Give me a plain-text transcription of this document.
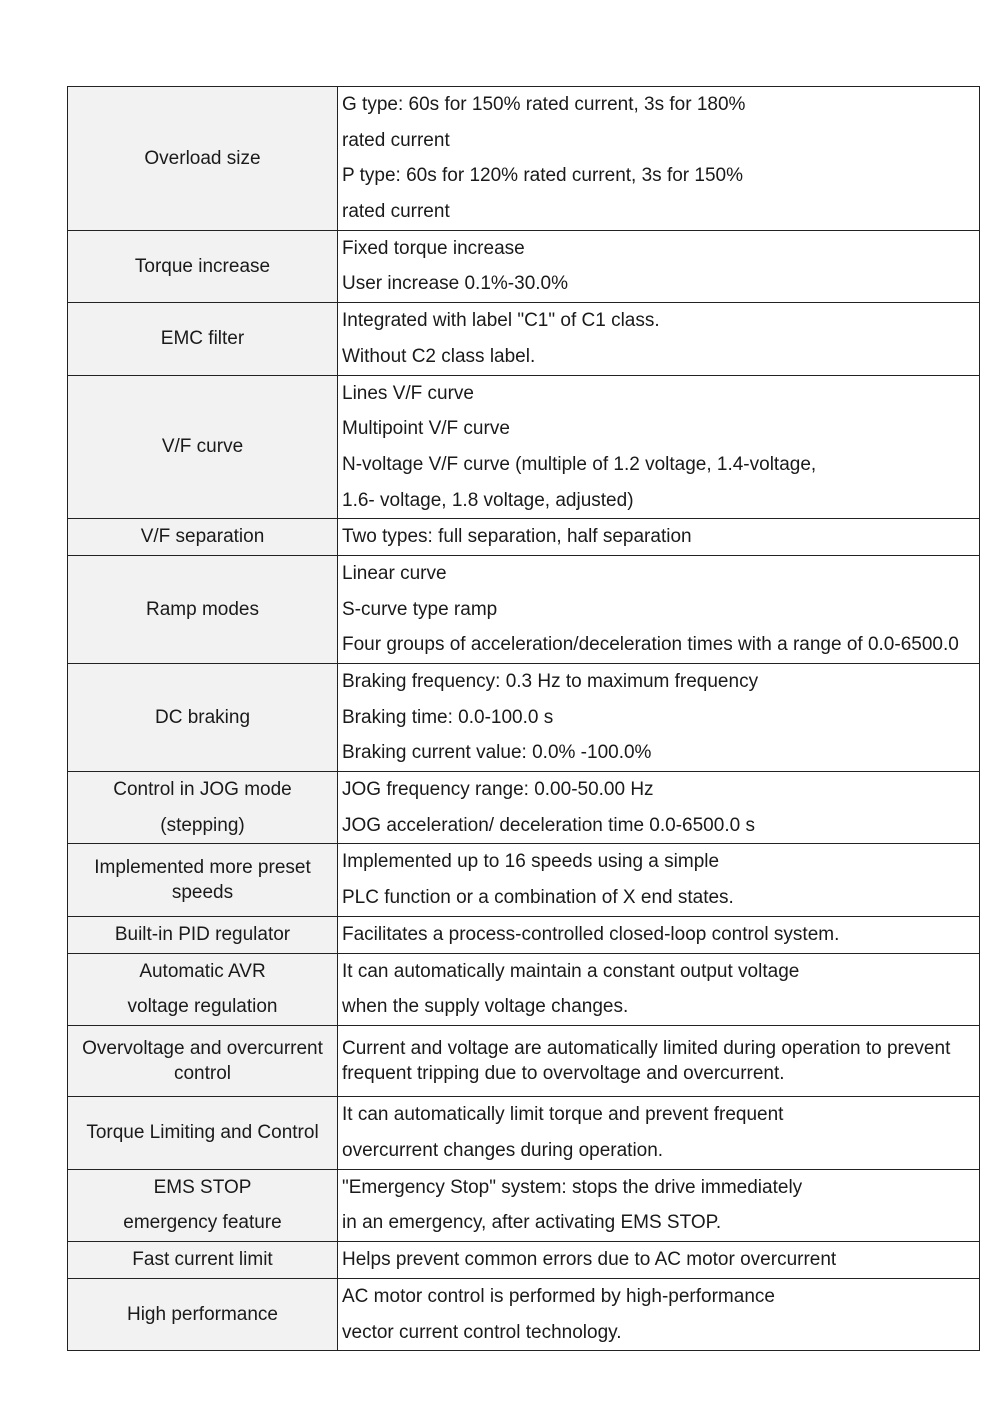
Overload size	G type: 60s for 150% rated current, 3s for 180%
rated current
P type: 60s for 120% rated current, 3s for 150%
rated current

Torque increase	Fixed torque increase
User increase 0.1%-30.0%

EMC filter	Integrated with label "C1" of C1 class.
Without C2 class label.

V/F curve	Lines V/F curve
Multipoint V/F curve
N-voltage V/F curve (multiple of 1.2 voltage, 1.4-voltage,
1.6- voltage, 1.8 voltage, adjusted)

V/F separation	Two types: full separation, half separation

Ramp modes	Linear curve
S-curve type ramp
Four groups of acceleration/deceleration times with a range of 0.0-6500.0

DC braking	Braking frequency: 0.3 Hz to maximum frequency
Braking time: 0.0-100.0 s
Braking current value: 0.0% -100.0%

Control in JOG mode
(stepping)	JOG frequency range: 0.00-50.00 Hz
JOG acceleration/ deceleration time 0.0-6500.0 s

Implemented more preset
speeds	Implemented up to 16 speeds using a simple
PLC function or a combination of X end states.

Built-in PID regulator	Facilitates a process-controlled closed-loop control system.

Automatic AVR
voltage regulation	It can automatically maintain a constant output voltage
when the supply voltage changes.

Overvoltage and overcurrent
control	Current and voltage are automatically limited during operation to prevent
frequent tripping due to overvoltage and overcurrent.

Torque Limiting and Control	It can automatically limit torque and prevent frequent
overcurrent changes during operation.

EMS STOP
emergency feature	"Emergency Stop" system: stops the drive immediately
in an emergency, after activating EMS STOP.

Fast current limit	Helps prevent common errors due to AC motor overcurrent

High performance	AC motor control is performed by high-performance
vector current control technology.
